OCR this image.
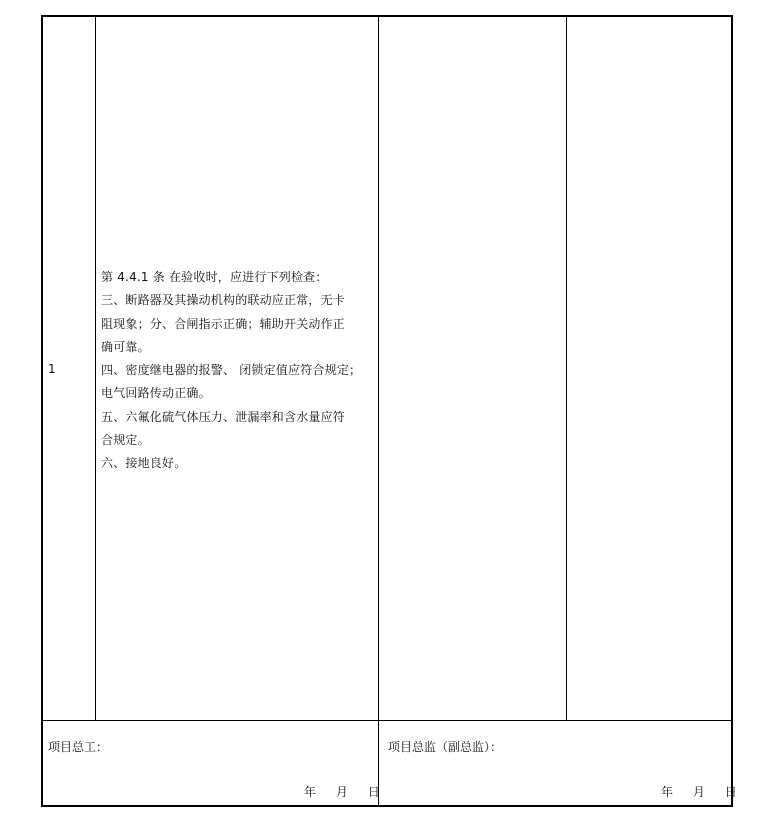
1
第 4.4.1 条 在验收时，应进行下列检查：
三、断路器及其操动机构的联动应正常，无卡
阻现象；分、合闸指示正确；辅助开关动作正
确可靠。
四、密度继电器的报警、 闭锁定值应符合规定；
电气回路传动正确。
五、六氟化硫气体压力、泄漏率和含水量应符
合规定。
六、接地良好。
项目总工：	项目总监（副总监）：
年 月 日	年 月 日
